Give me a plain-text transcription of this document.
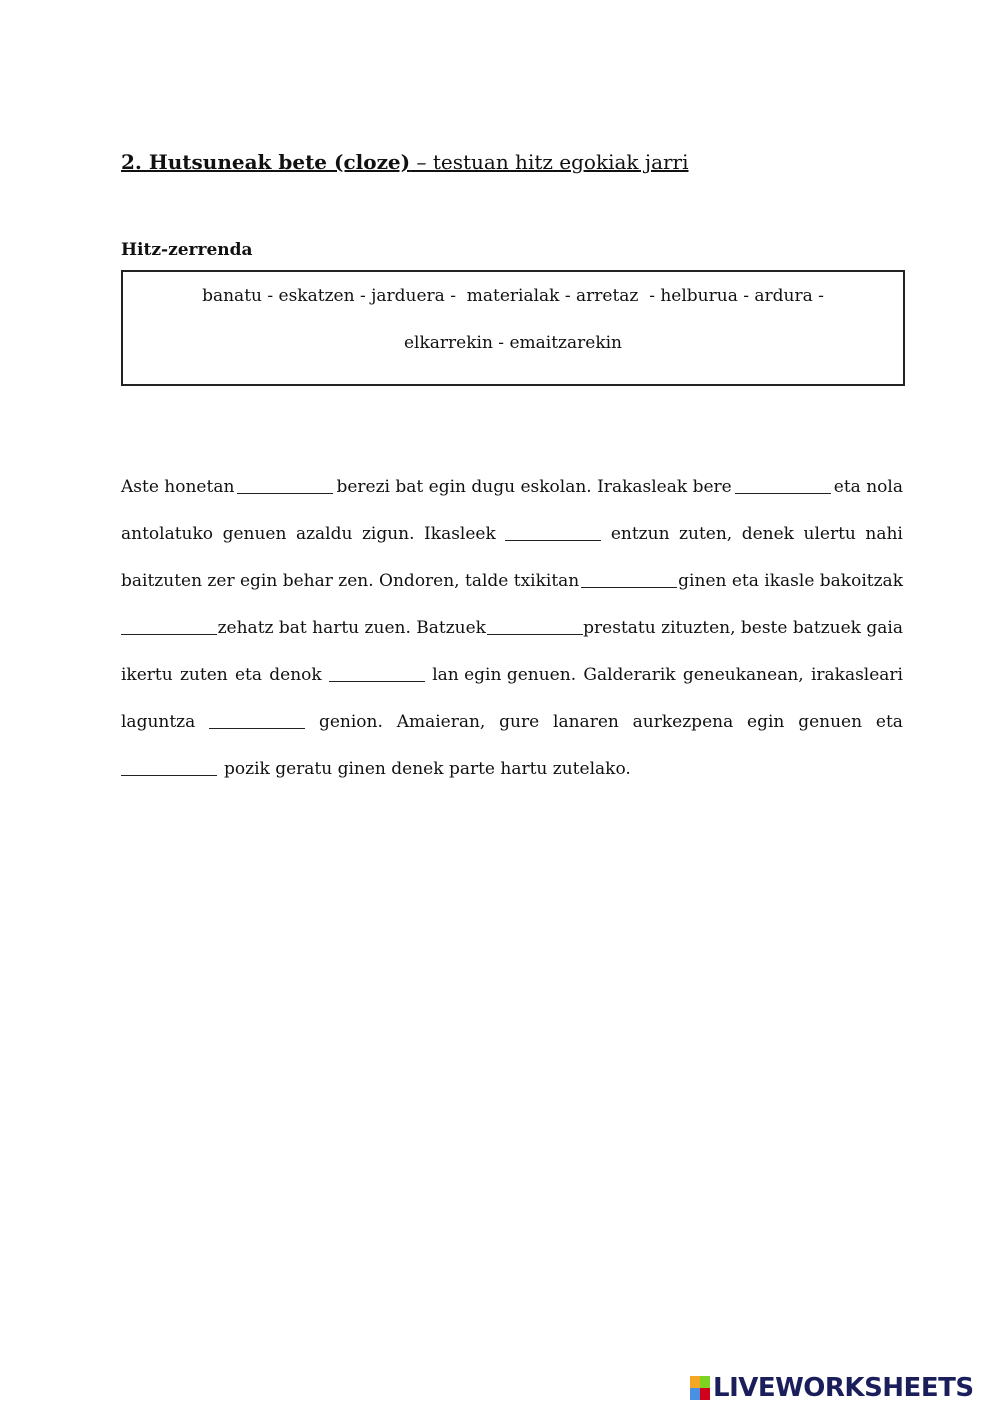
2. Hutsuneak bete (cloze) – testuan hitz egokiak jarri
Hitz-zerrenda
banatu - eskatzen - jarduera -  materialak - arretaz  - helburua - ardura -
elkarrekin - emaitzarekin
Aste honetan	berezi bat egin dugu eskolan. Irakasleak bere	eta nola
antolatuko genuen azaldu zigun. Ikasleek	entzun zuten, denek ulertu nahi
baitzuten zer egin behar zen. Ondoren, talde txikitan	ginen eta ikasle bakoitzak
zehatz bat hartu zuen. Batzuek	prestatu zituzten, beste batzuek gaia
ikertu zuten eta denok	lan egin genuen. Galderarik geneukanean, irakasleari
laguntza	genion. Amaieran, gure lanaren aurkezpena egin genuen eta
pozik geratu ginen denek parte hartu zutelako.
LIVEWORKSHEETS
